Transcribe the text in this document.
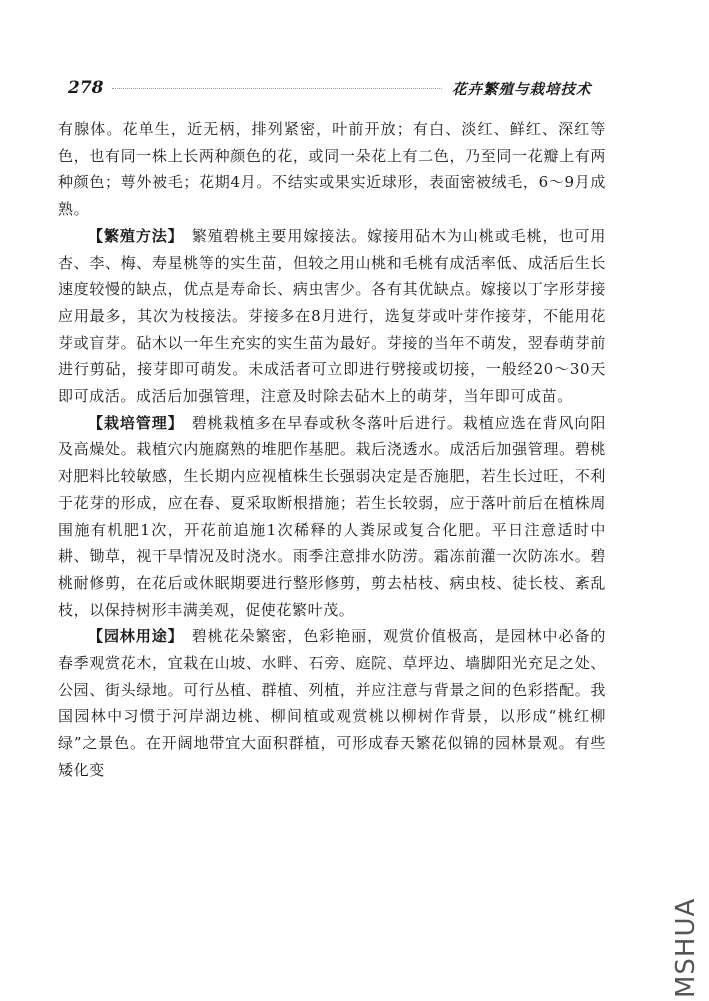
278	花卉繁殖与栽培技术

有腺体。花单生，近无柄，排列紧密，叶前开放；有白、淡红、鲜红、深红等色，也有同一株上长两种颜色的花，或同一朵花上有二色，乃至同一花瓣上有两种颜色；萼外被毛；花期4月。不结实或果实近球形，表面密被绒毛，6～9月成熟。

【繁殖方法】 繁殖碧桃主要用嫁接法。嫁接用砧木为山桃或毛桃，也可用杏、李、梅、寿星桃等的实生苗，但较之用山桃和毛桃有成活率低、成活后生长速度较慢的缺点，优点是寿命长、病虫害少。各有其优缺点。嫁接以丁字形芽接应用最多，其次为枝接法。芽接多在8月进行，选复芽或叶芽作接芽，不能用花芽或盲芽。砧木以一年生充实的实生苗为最好。芽接的当年不萌发，翌春萌芽前进行剪砧，接芽即可萌发。未成活者可立即进行劈接或切接，一般经20～30天即可成活。成活后加强管理，注意及时除去砧木上的萌芽，当年即可成苗。

【栽培管理】 碧桃栽植多在早春或秋冬落叶后进行。栽植应选在背风向阳及高燥处。栽植穴内施腐熟的堆肥作基肥。栽后浇透水。成活后加强管理。碧桃对肥料比较敏感，生长期内应视植株生长强弱决定是否施肥，若生长过旺，不利于花芽的形成，应在春、夏采取断根措施；若生长较弱，应于落叶前后在植株周围施有机肥1次，开花前追施1次稀释的人粪尿或复合化肥。平日注意适时中耕、锄草，视干旱情况及时浇水。雨季注意排水防涝。霜冻前灌一次防冻水。碧桃耐修剪，在花后或休眠期要进行整形修剪，剪去枯枝、病虫枝、徒长枝、紊乱枝，以保持树形丰满美观，促使花繁叶茂。

【园林用途】 碧桃花朵繁密，色彩艳丽，观赏价值极高，是园林中必备的春季观赏花木，宜栽在山坡、水畔、石旁、庭院、草坪边、墙脚阳光充足之处、公园、街头绿地。可行丛植、群植、列植，并应注意与背景之间的色彩搭配。我国园林中习惯于河岸湖边桃、柳间植或观赏桃以柳树作背景，以形成“桃红柳绿”之景色。在开阔地带宜大面积群植，可形成春天繁花似锦的园林景观。有些矮化变

MSHUA
